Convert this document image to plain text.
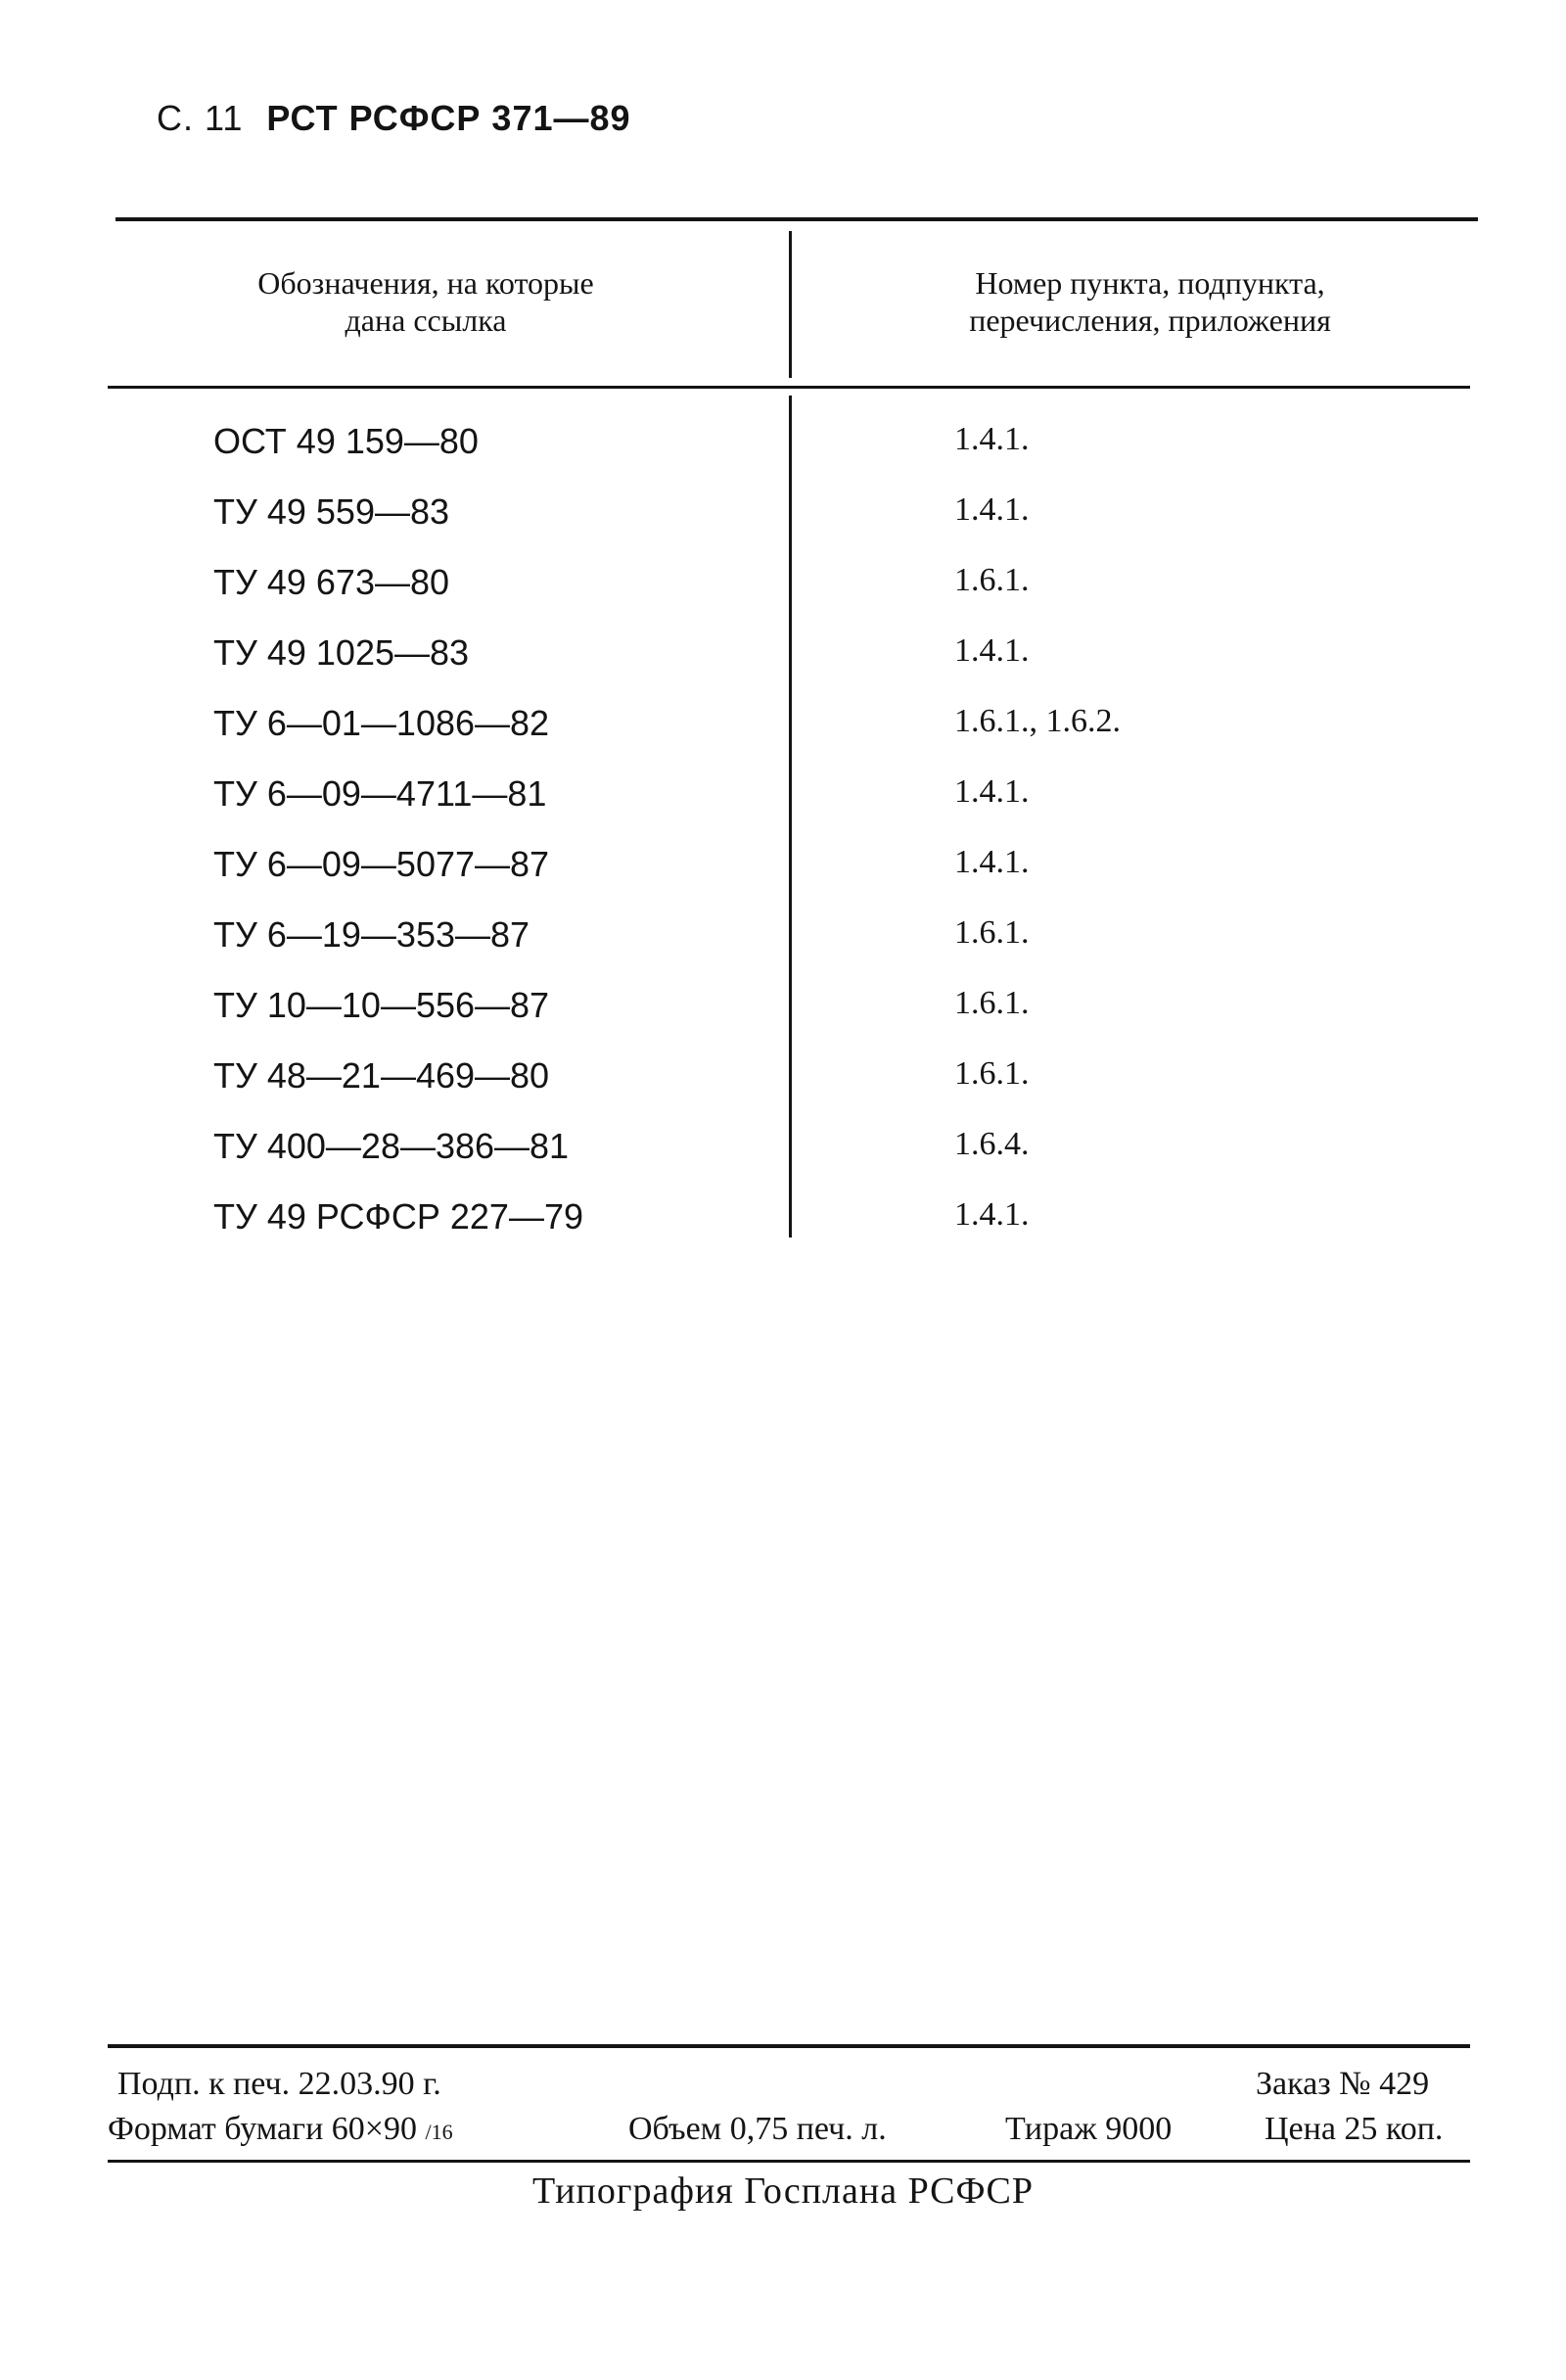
С. 11 РСТ РСФСР 371—89
Обозначения, на которые
дана ссылка
Номер пункта, подпункта,
перечисления, приложения
ОСТ 49 159—80	1.4.1.
ТУ 49 559—83	1.4.1.
ТУ 49 673—80	1.6.1.
ТУ 49 1025—83	1.4.1.
ТУ 6—01—1086—82	1.6.1., 1.6.2.
ТУ 6—09—4711—81	1.4.1.
ТУ 6—09—5077—87	1.4.1.
ТУ 6—19—353—87	1.6.1.
ТУ 10—10—556—87	1.6.1.
ТУ 48—21—469—80	1.6.1.
ТУ 400—28—386—81	1.6.4.
ТУ 49 РСФСР 227—79	1.4.1.
Подп. к печ. 22.03.90 г.	Заказ № 429
Формат бумаги 60×90 /16	Объем 0,75 печ. л.	Тираж 9000	Цена 25 коп.
Типография Госплана РСФСР
